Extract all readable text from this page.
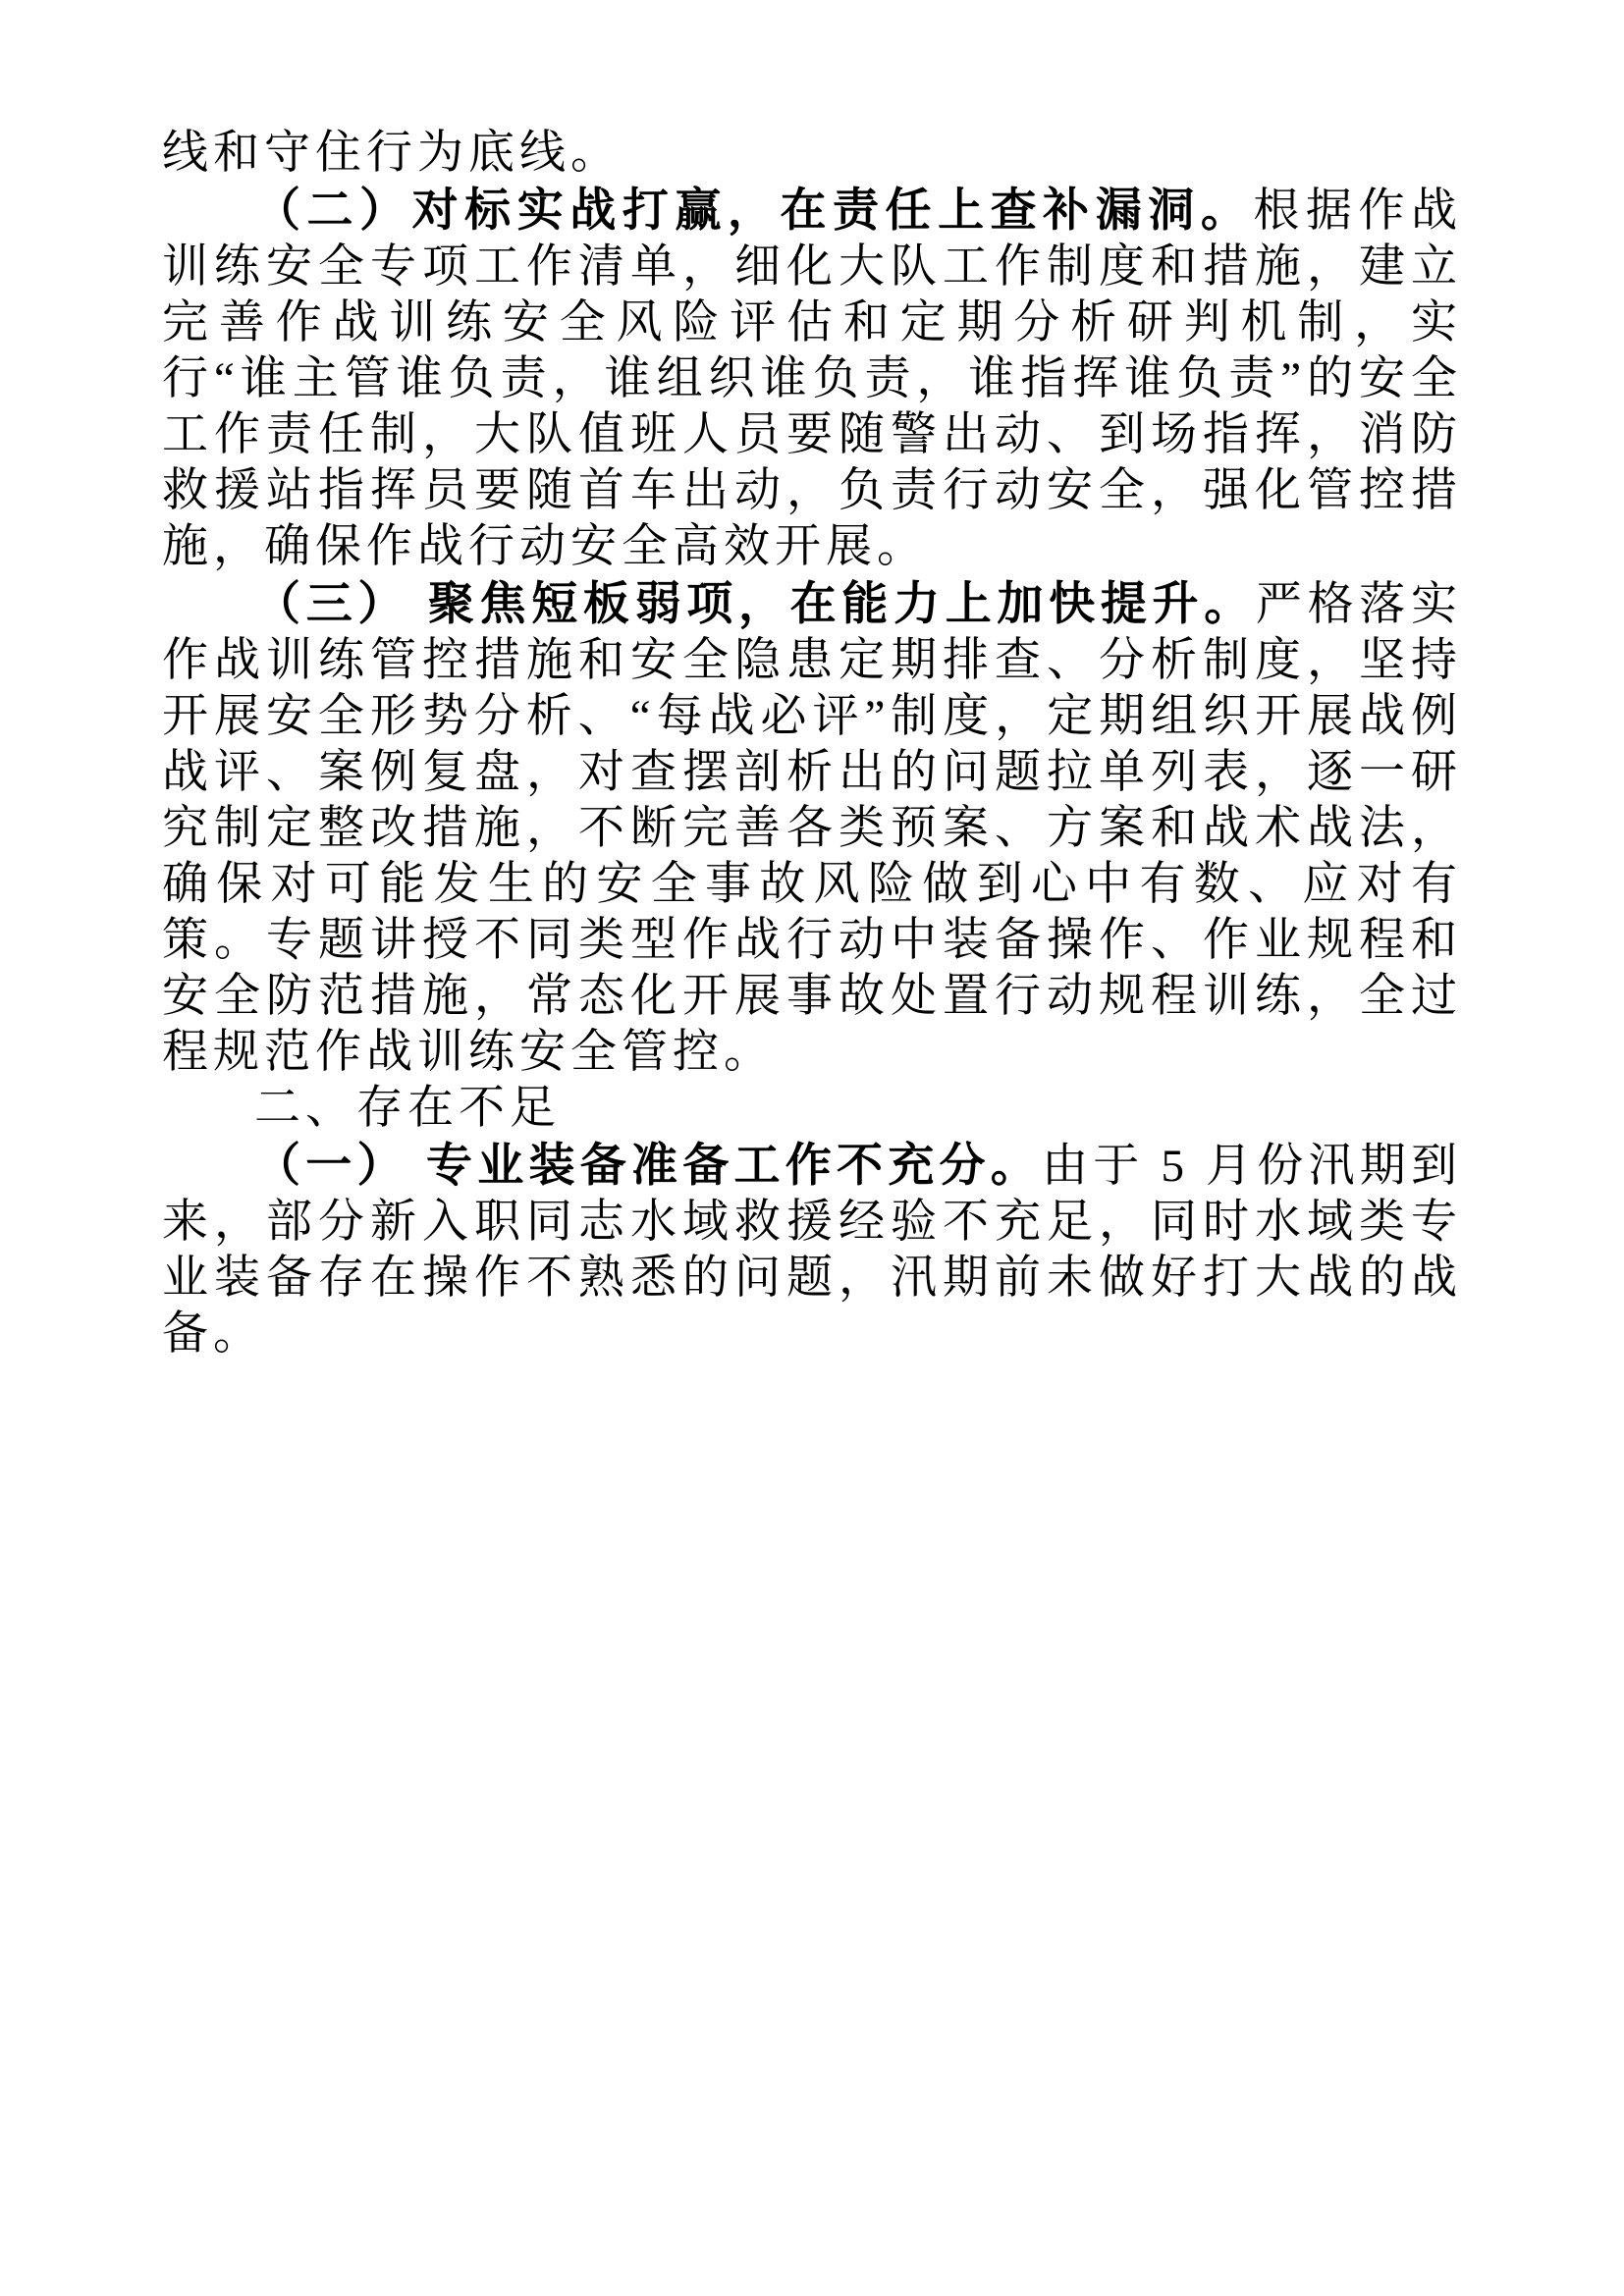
线和守住行为底线。

（二）对标实战打赢，在责任上查补漏洞。根据作战训练安全专项工作清单，细化大队工作制度和措施，建立完善作战训练安全风险评估和定期分析研判机制，实行“谁主管谁负责，谁组织谁负责，谁指挥谁负责”的安全工作责任制，大队值班人员要随警出动、到场指挥，消防救援站指挥员要随首车出动，负责行动安全，强化管控措施，确保作战行动安全高效开展。

（三） 聚焦短板弱项，在能力上加快提升。严格落实作战训练管控措施和安全隐患定期排查、分析制度，坚持开展安全形势分析、“每战必评”制度，定期组织开展战例战评、案例复盘，对查摆剖析出的问题拉单列表，逐一研究制定整改措施，不断完善各类预案、方案和战术战法，确保对可能发生的安全事故风险做到心中有数、应对有策。专题讲授不同类型作战行动中装备操作、作业规程和安全防范措施，常态化开展事故处置行动规程训练，全过程规范作战训练安全管控。

二、存在不足

（一） 专业装备准备工作不充分。由于 5 月份汛期到来，部分新入职同志水域救援经验不充足，同时水域类专业装备存在操作不熟悉的问题，汛期前未做好打大战的战备。
